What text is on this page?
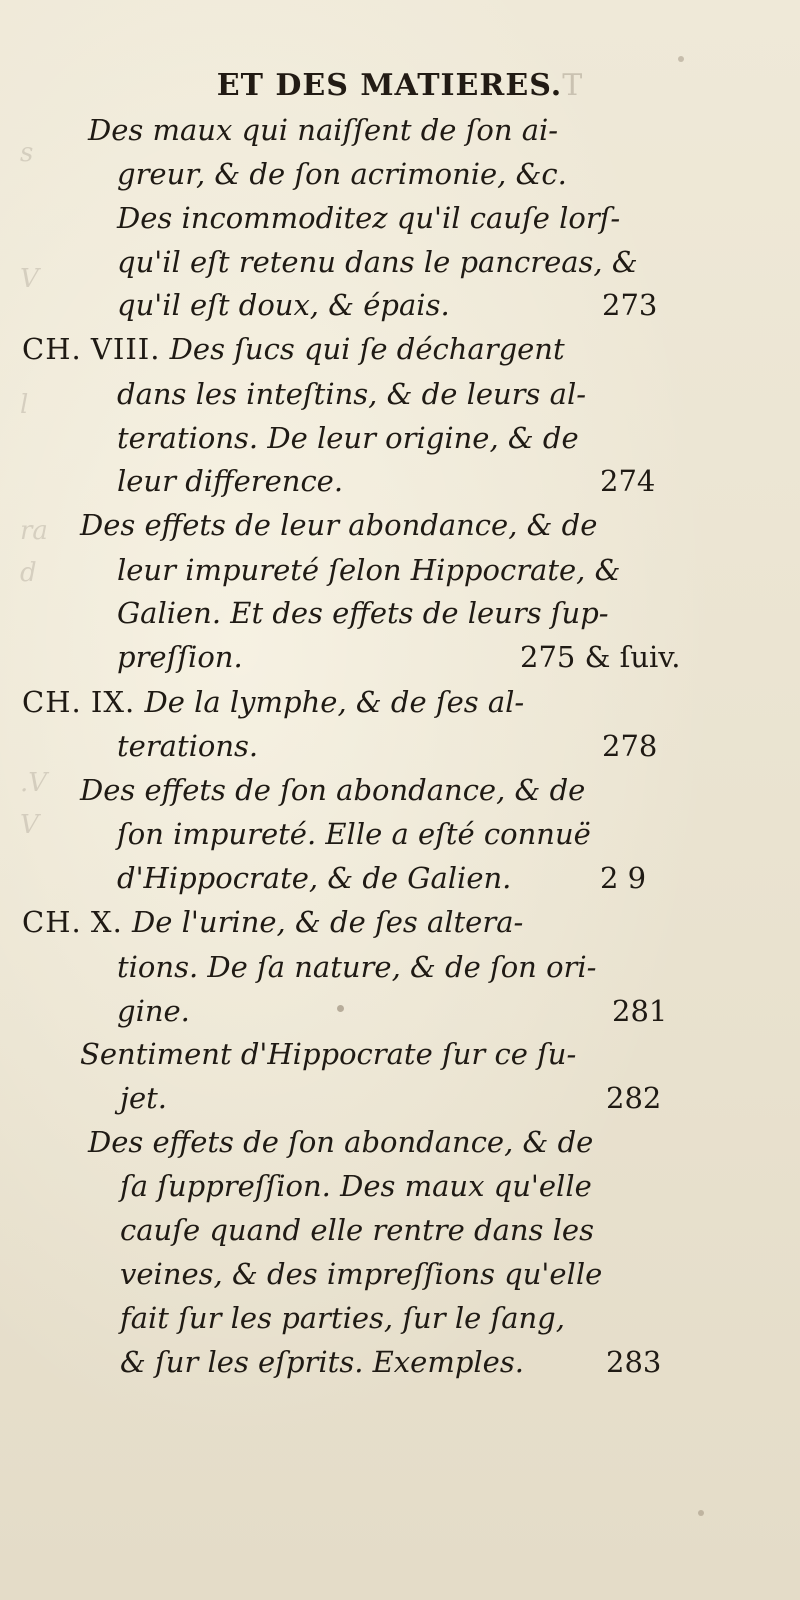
s

V

l

ra
d

.V
V

ET DES MATIERES.T
Des maux qui naiſſent de ſon ai-
greur, & de ſon acrimonie, &c.
Des incommoditez qu'il cauſe lorſ-
qu'il eſt retenu dans le pancreas, &
qu'il eſt doux, & épais.	273
CH. VIII. Des ſucs qui ſe déchargent
dans les inteſtins, & de leurs al-
terations. De leur origine, & de
leur difference.	274
Des effets de leur abondance, & de
leur impureté ſelon Hippocrate, &
Galien. Et des effets de leurs ſup-
preſſion.	275 & ſuiv.
CH. IX. De la lymphe, & de ſes al-
terations.	278
Des effets de ſon abondance, & de
ſon impureté. Elle a eſté connuë
d'Hippocrate, & de Galien.	2 9
CH. X. De l'urine, & de ſes altera-
tions. De ſa nature, & de ſon ori-
gine.	281
Sentiment d'Hippocrate ſur ce ſu-
jet.	282
Des effets de ſon abondance, & de
ſa ſuppreſſion. Des maux qu'elle
cauſe quand elle rentre dans les
veines, & des impreſſions qu'elle
fait ſur les parties, ſur le ſang,
& ſur les eſprits. Exemples.	283
